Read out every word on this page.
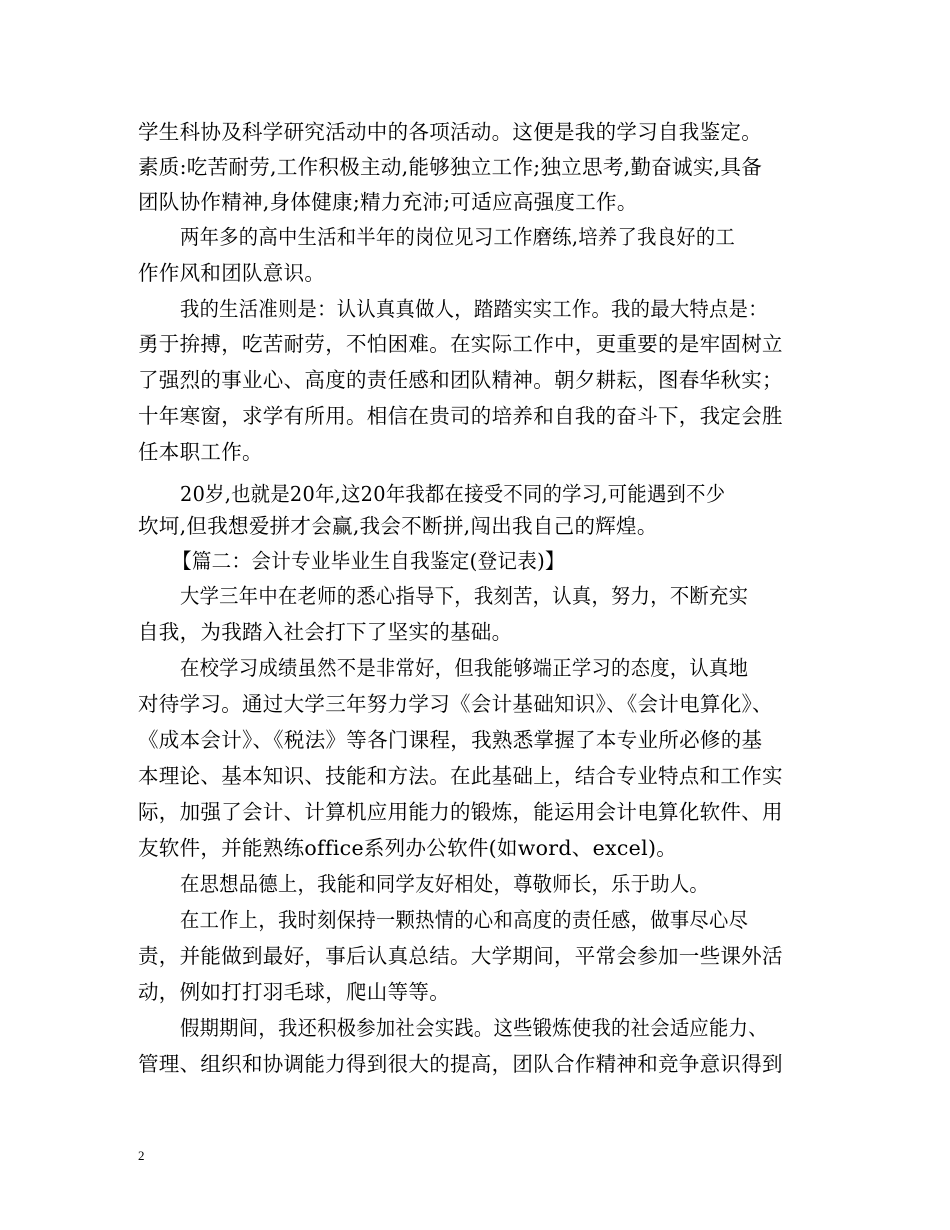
学生科协及科学研究活动中的各项活动。这便是我的学习自我鉴定。
素质:吃苦耐劳,工作积极主动,能够独立工作;独立思考,勤奋诚实,具备
团队协作精神,身体健康;精力充沛;可适应高强度工作。
两年多的高中生活和半年的岗位见习工作磨练,培养了我良好的工
作作风和团队意识。
我的生活准则是：认认真真做人，踏踏实实工作。我的最大特点是：
勇于拚搏，吃苦耐劳，不怕困难。在实际工作中，更重要的是牢固树立
了强烈的事业心、高度的责任感和团队精神。朝夕耕耘，图春华秋实；
十年寒窗，求学有所用。相信在贵司的培养和自我的奋斗下，我定会胜
任本职工作。
20岁,也就是20年,这20年我都在接受不同的学习,可能遇到不少
坎坷,但我想爱拼才会赢,我会不断拼,闯出我自己的辉煌。
【篇二：会计专业毕业生自我鉴定(登记表)】
大学三年中在老师的悉心指导下，我刻苦，认真，努力，不断充实
自我，为我踏入社会打下了坚实的基础。
在校学习成绩虽然不是非常好，但我能够端正学习的态度，认真地
对待学习。通过大学三年努力学习《会计基础知识》、《会计电算化》、
《成本会计》、《税法》等各门课程，我熟悉掌握了本专业所必修的基
本理论、基本知识、技能和方法。在此基础上，结合专业特点和工作实
际，加强了会计、计算机应用能力的锻炼，能运用会计电算化软件、用
友软件，并能熟练office系列办公软件(如word、excel)。
在思想品德上，我能和同学友好相处，尊敬师长，乐于助人。
在工作上，我时刻保持一颗热情的心和高度的责任感，做事尽心尽
责，并能做到最好，事后认真总结。大学期间，平常会参加一些课外活
动，例如打打羽毛球，爬山等等。
假期期间，我还积极参加社会实践。这些锻炼使我的社会适应能力、
管理、组织和协调能力得到很大的提高，团队合作精神和竞争意识得到
2
